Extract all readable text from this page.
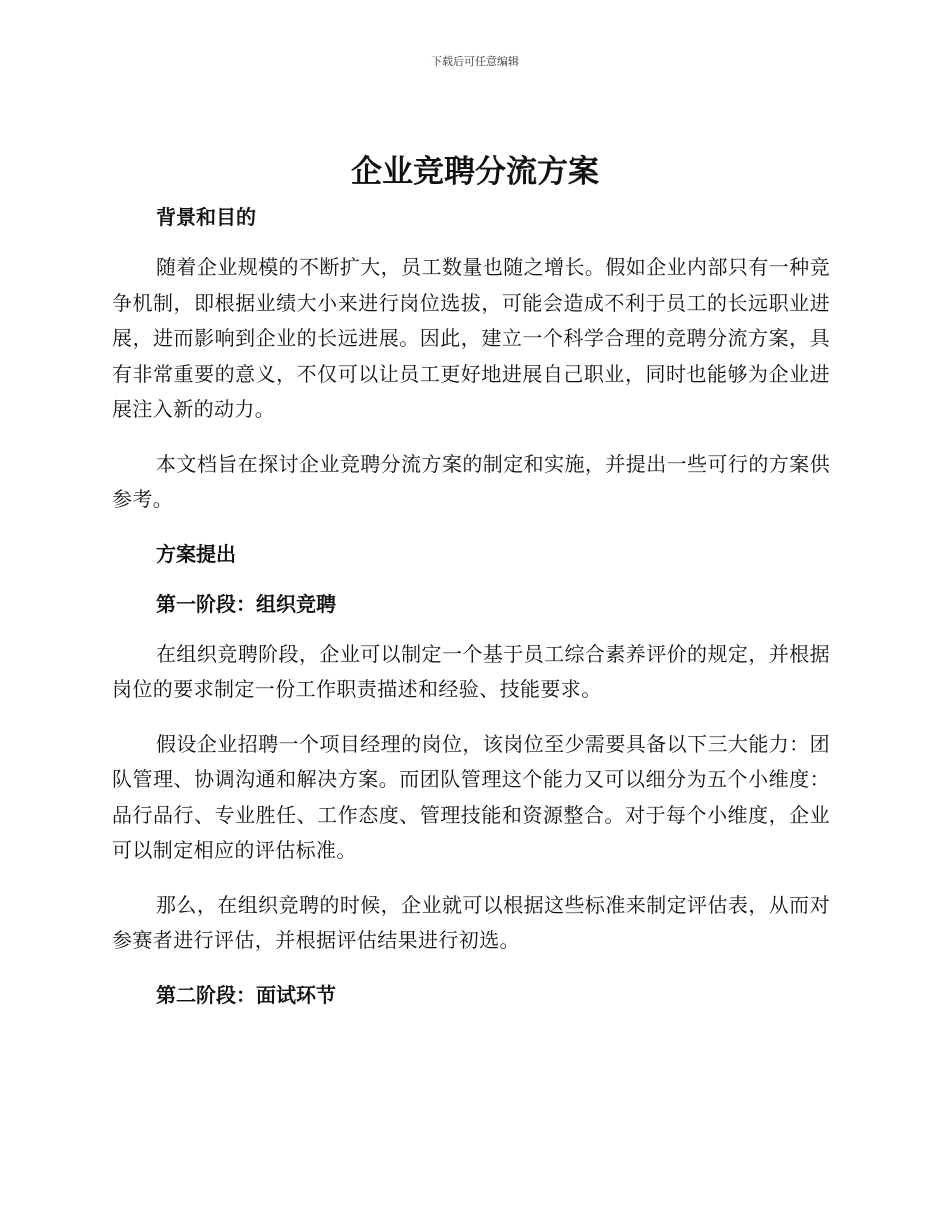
下载后可任意编辑
企业竞聘分流方案
背景和目的

随着企业规模的不断扩大，员工数量也随之增长。假如企业内部只有一种竞争机制，即根据业绩大小来进行岗位选拔，可能会造成不利于员工的长远职业进展，进而影响到企业的长远进展。因此，建立一个科学合理的竞聘分流方案，具有非常重要的意义，不仅可以让员工更好地进展自己职业，同时也能够为企业进展注入新的动力。

本文档旨在探讨企业竞聘分流方案的制定和实施，并提出一些可行的方案供参考。

方案提出
第一阶段：组织竞聘

在组织竞聘阶段，企业可以制定一个基于员工综合素养评价的规定，并根据岗位的要求制定一份工作职责描述和经验、技能要求。

假设企业招聘一个项目经理的岗位，该岗位至少需要具备以下三大能力：团队管理、协调沟通和解决方案。而团队管理这个能力又可以细分为五个小维度：品行品行、专业胜任、工作态度、管理技能和资源整合。对于每个小维度，企业可以制定相应的评估标准。

那么，在组织竞聘的时候，企业就可以根据这些标准来制定评估表，从而对参赛者进行评估，并根据评估结果进行初选。

第二阶段：面试环节
